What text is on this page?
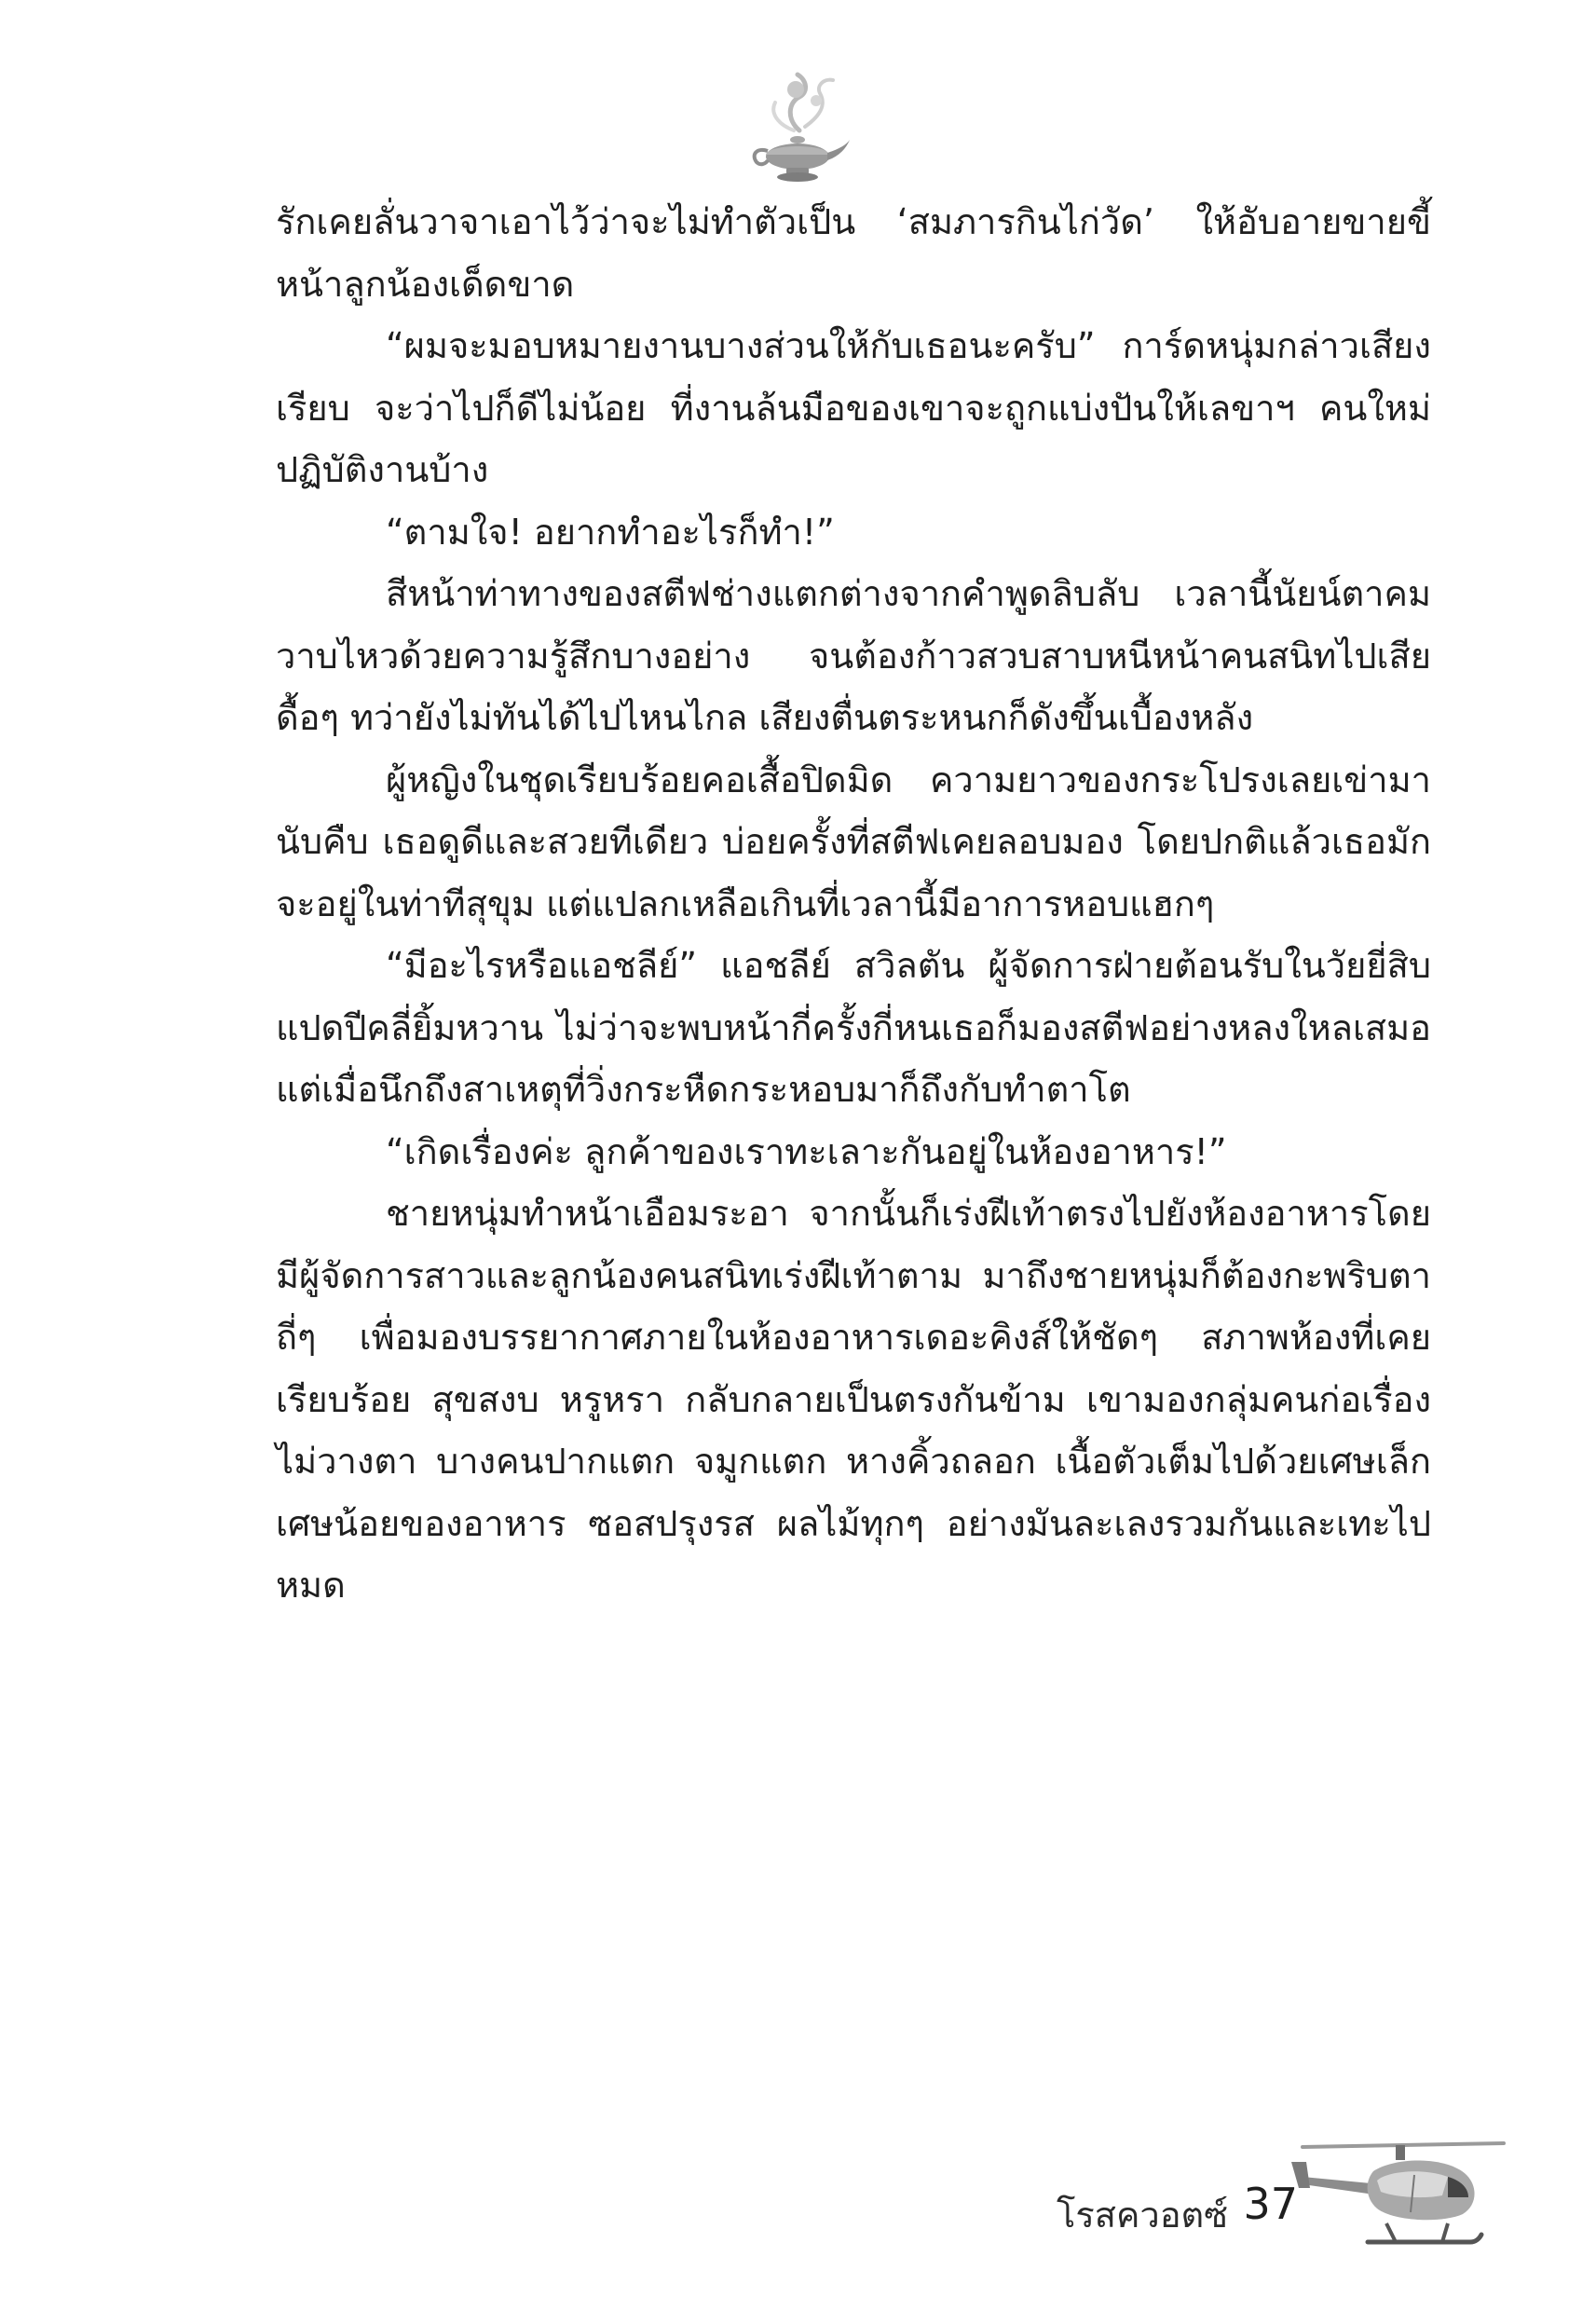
รักเคยลั่นวาจาเอาไว้ว่าจะไม่ทำตัวเป็น ‘สมภารกินไก่วัด’ ให้อับอายขายขี้หน้าลูกน้องเด็ดขาด

“ผมจะมอบหมายงานบางส่วนให้กับเธอนะครับ” การ์ดหนุ่มกล่าวเสียงเรียบ จะว่าไปก็ดีไม่น้อย ที่งานล้นมือของเขาจะถูกแบ่งปันให้เลขาฯ คนใหม่ปฏิบัติงานบ้าง

“ตามใจ! อยากทำอะไรก็ทำ!”

สีหน้าท่าทางของสตีฟช่างแตกต่างจากคำพูดลิบลับ เวลานี้นัยน์ตาคมวาบไหวด้วยความรู้สึกบางอย่าง จนต้องก้าวสวบสาบหนีหน้าคนสนิทไปเสียดื้อๆ ทว่ายังไม่ทันได้ไปไหนไกล เสียงตื่นตระหนกก็ดังขึ้นเบื้องหลัง

ผู้หญิงในชุดเรียบร้อยคอเสื้อปิดมิด ความยาวของกระโปรงเลยเข่ามานับคืบ เธอดูดีและสวยทีเดียว บ่อยครั้งที่สตีฟเคยลอบมอง โดยปกติแล้วเธอมักจะอยู่ในท่าทีสุขุม แต่แปลกเหลือเกินที่เวลานี้มีอาการหอบแฮกๆ

“มีอะไรหรือแอชลีย์” แอชลีย์ สวิลตัน ผู้จัดการฝ่ายต้อนรับในวัยยี่สิบแปดปีคลี่ยิ้มหวาน ไม่ว่าจะพบหน้ากี่ครั้งกี่หนเธอก็มองสตีฟอย่างหลงใหลเสมอ แต่เมื่อนึกถึงสาเหตุที่วิ่งกระหืดกระหอบมาก็ถึงกับทำตาโต

“เกิดเรื่องค่ะ ลูกค้าของเราทะเลาะกันอยู่ในห้องอาหาร!”

ชายหนุ่มทำหน้าเอือมระอา จากนั้นก็เร่งฝีเท้าตรงไปยังห้องอาหารโดยมีผู้จัดการสาวและลูกน้องคนสนิทเร่งฝีเท้าตาม มาถึงชายหนุ่มก็ต้องกะพริบตาถี่ๆ เพื่อมองบรรยากาศภายในห้องอาหารเดอะคิงส์ให้ชัดๆ สภาพห้องที่เคยเรียบร้อย สุขสงบ หรูหรา กลับกลายเป็นตรงกันข้าม เขามองกลุ่มคนก่อเรื่องไม่วางตา บางคนปากแตก จมูกแตก หางคิ้วถลอก เนื้อตัวเต็มไปด้วยเศษเล็กเศษน้อยของอาหาร ซอสปรุงรส ผลไม้ทุกๆ อย่างมันละเลงรวมกันและเทะไปหมด

โรสควอตซ์ 37
